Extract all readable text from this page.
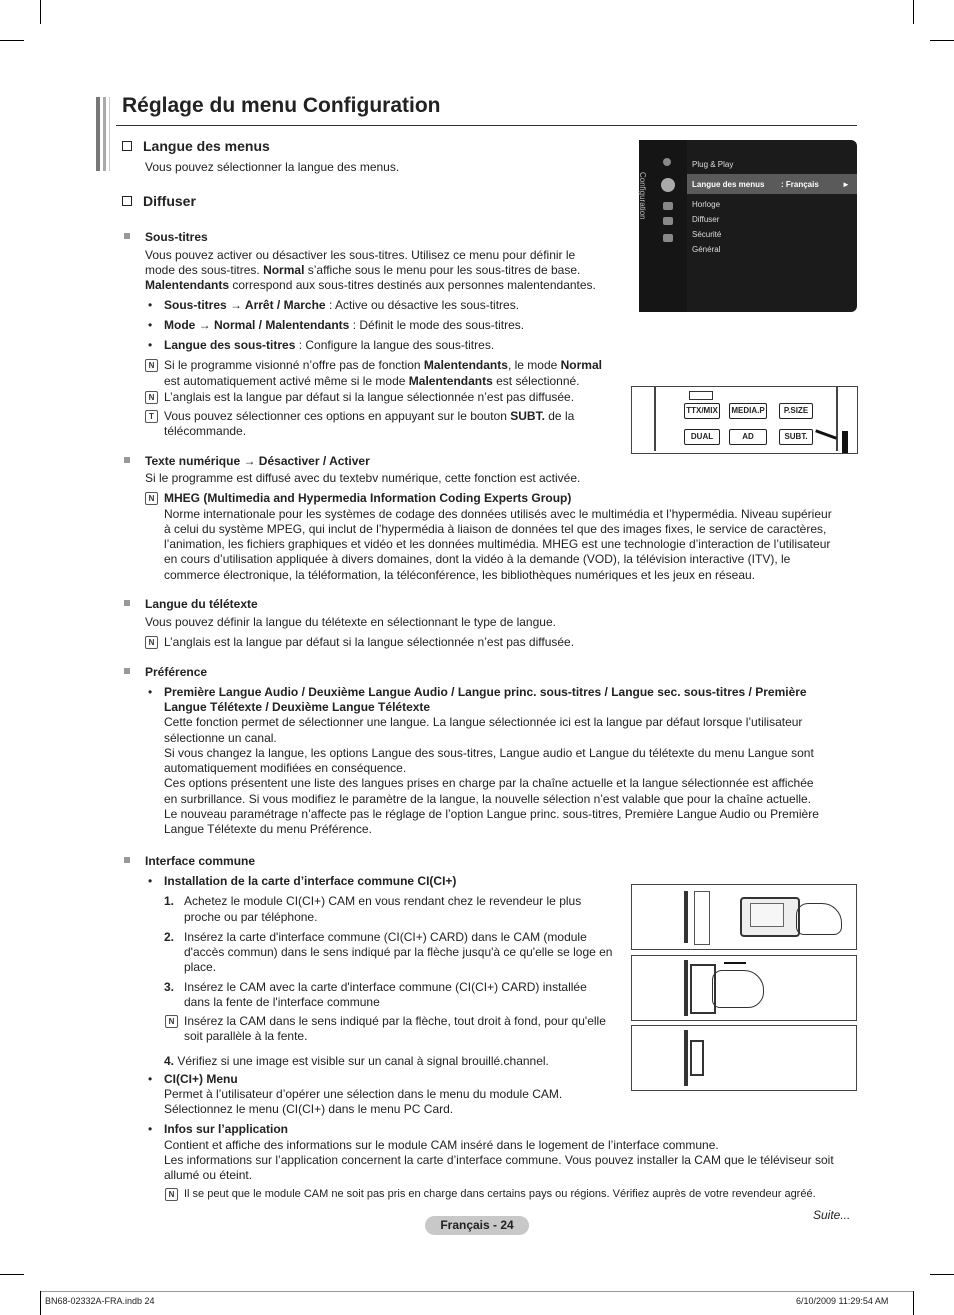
Réglage du menu Configuration
Langue des menus
Vous pouvez sélectionner la langue des menus.
Diffuser
Sous-titres
Vous pouvez activer ou désactiver les sous-titres. Utilisez ce menu pour définir le
mode des sous-titres. Normal s’affiche sous le menu pour les sous-titres de base.
Malentendants correspond aux sous-titres destinés aux personnes malentendantes.
• Sous-titres → Arrêt / Marche : Active ou désactive les sous-titres.
• Mode → Normal / Malentendants : Définit le mode des sous-titres.
• Langue des sous-titres : Configure la langue des sous-titres.
N Si le programme visionné n’offre pas de fonction Malentendants, le mode Normal
est automatiquement activé même si le mode Malentendants est sélectionné.
N L’anglais est la langue par défaut si la langue sélectionnée n’est pas diffusée.
T Vous pouvez sélectionner ces options en appuyant sur le bouton SUBT. de la
télécommande.
Texte numérique → Désactiver / Activer
Si le programme est diffusé avec du textebv numérique, cette fonction est activée.
N MHEG (Multimedia and Hypermedia Information Coding Experts Group)
Norme internationale pour les systèmes de codage des données utilisés avec le multimédia et l’hypermédia. Niveau supérieur
à celui du système MPEG, qui inclut de l’hypermédia à liaison de données tel que des images fixes, le service de caractères,
l’animation, les fichiers graphiques et vidéo et les données multimédia. MHEG est une technologie d’interaction de l’utilisateur
en cours d’utilisation appliquée à divers domaines, dont la vidéo à la demande (VOD), la télévision interactive (ITV), le
commerce électronique, la téléformation, la téléconférence, les bibliothèques numériques et les jeux en réseau.
Langue du télétexte
Vous pouvez définir la langue du télétexte en sélectionnant le type de langue.
N L’anglais est la langue par défaut si la langue sélectionnée n’est pas diffusée.
Préférence
• Première Langue Audio / Deuxième Langue Audio / Langue princ. sous-titres / Langue sec. sous-titres / Première
Langue Télétexte / Deuxième Langue Télétexte
Cette fonction permet de sélectionner une langue. La langue sélectionnée ici est la langue par défaut lorsque l’utilisateur
sélectionne un canal.
Si vous changez la langue, les options Langue des sous-titres, Langue audio et Langue du télétexte du menu Langue sont
automatiquement modifiées en conséquence.
Ces options présentent une liste des langues prises en charge par la chaîne actuelle et la langue sélectionnée est affichée
en surbrillance. Si vous modifiez le paramètre de la langue, la nouvelle sélection n’est valable que pour la chaîne actuelle.
Le nouveau paramétrage n’affecte pas le réglage de l’option Langue princ. sous-titres, Première Langue Audio ou Première
Langue Télétexte du menu Préférence.
Interface commune
• Installation de la carte d’interface commune CI(CI+)
1. Achetez le module CI(CI+) CAM en vous rendant chez le revendeur le plus
proche ou par téléphone.
2. Insérez la carte d'interface commune (CI(CI+) CARD) dans le CAM (module
d'accès commun) dans le sens indiqué par la flèche jusqu'à ce qu'elle se loge en
place.
3. Insérez le CAM avec la carte d'interface commune (CI(CI+) CARD) installée
dans la fente de l'interface commune
N Insérez la CAM dans le sens indiqué par la flèche, tout droit à fond, pour qu'elle
soit parallèle à la fente.
4. Vérifiez si une image est visible sur un canal à signal brouillé.channel.
• CI(CI+) Menu
Permet à l’utilisateur d’opérer une sélection dans le menu du module CAM.
Sélectionnez le menu (CI(CI+) dans le menu PC Card.
• Infos sur l’application
Contient et affiche des informations sur le module CAM inséré dans le logement de l’interface commune.
Les informations sur l’application concernent la carte d’interface commune. Vous pouvez installer la CAM que le téléviseur soit
allumé ou éteint.
N Il se peut que le module CAM ne soit pas pris en charge dans certains pays ou régions. Vérifiez auprès de votre revendeur agréé.
Suite...
Configuration
Plug & Play
Langue des menus : Français	►
Horloge
Diffuser
Sécurité
Général
TTX/MIX MEDIA.P	P.SIZE
DUAL	AD	SUBT.
Français - 24
BN68-02332A-FRA.indb 24	6/10/2009 11:29:54 AM
